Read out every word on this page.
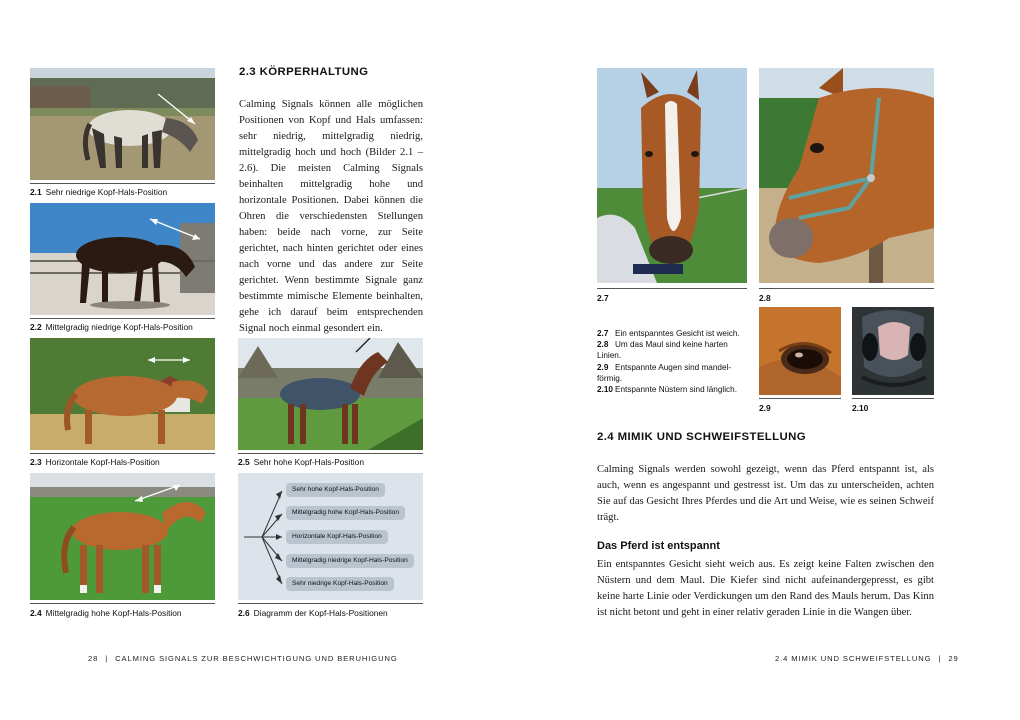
2.1 Sehr niedrige Kopf-Hals-Position
2.2 Mittelgradig niedrige Kopf-Hals-Position
2.3 Horizontale Kopf-Hals-Position
2.4 Mittelgradig hohe Kopf-Hals-Position
2.3 KÖRPERHALTUNG
Calming Signals können alle möglichen Positionen von Kopf und Hals umfassen: sehr niedrig, mittelgradig niedrig, mittelgradig hoch und hoch (Bilder 2.1 – 2.6). Die meisten Calming Signals beinhalten mittelgradig hohe und horizontale Positionen. Dabei können die Ohren die verschiedensten Stellungen haben: beide nach vorne, zur Seite gerichtet, nach hinten gerichtet oder eines nach vorne und das andere zur Seite gerichtet. Wenn bestimmte Signale ganz bestimmte mimische Elemente beinhalten, gehe ich darauf beim entsprechenden Signal noch einmal gesondert ein.
2.5 Sehr hohe Kopf-Hals-Position
Sehr hohe Kopf-Hals-Position
Mittelgradig hohe Kopf-Hals-Position
Horizontale Kopf-Hals-Position
Mittelgradig niedrige Kopf-Hals-Position
Sehr niedrige Kopf-Hals-Position
2.6 Diagramm der Kopf-Hals-Positionen
28 | CALMING SIGNALS ZUR BESCHWICHTIGUNG UND BERUHIGUNG
2.7	2.8
2.7 Ein entspanntes Gesicht ist weich.
2.8 Um das Maul sind keine harten
Linien.
2.9 Entspannte Augen sind mandel-
förmig.
2.10 Entspannte Nüstern sind länglich.
2.9	2.10
2.4 MIMIK UND SCHWEIFSTELLUNG
Calming Signals werden sowohl gezeigt, wenn das Pferd entspannt ist, als auch, wenn es angespannt und gestresst ist. Um das zu unterscheiden, achten Sie auf das Gesicht Ihres Pferdes und die Art und Weise, wie es seinen Schweif trägt.
Das Pferd ist entspannt
Ein entspanntes Gesicht sieht weich aus. Es zeigt keine Falten zwischen den Nüstern und dem Maul. Die Kiefer sind nicht aufeinandergepresst, es gibt keine harte Linie oder Verdickungen um den Rand des Mauls herum. Das Kinn ist nicht betont und geht in einer relativ geraden Linie in die Wangen über.
2.4 MIMIK UND SCHWEIFSTELLUNG | 29
